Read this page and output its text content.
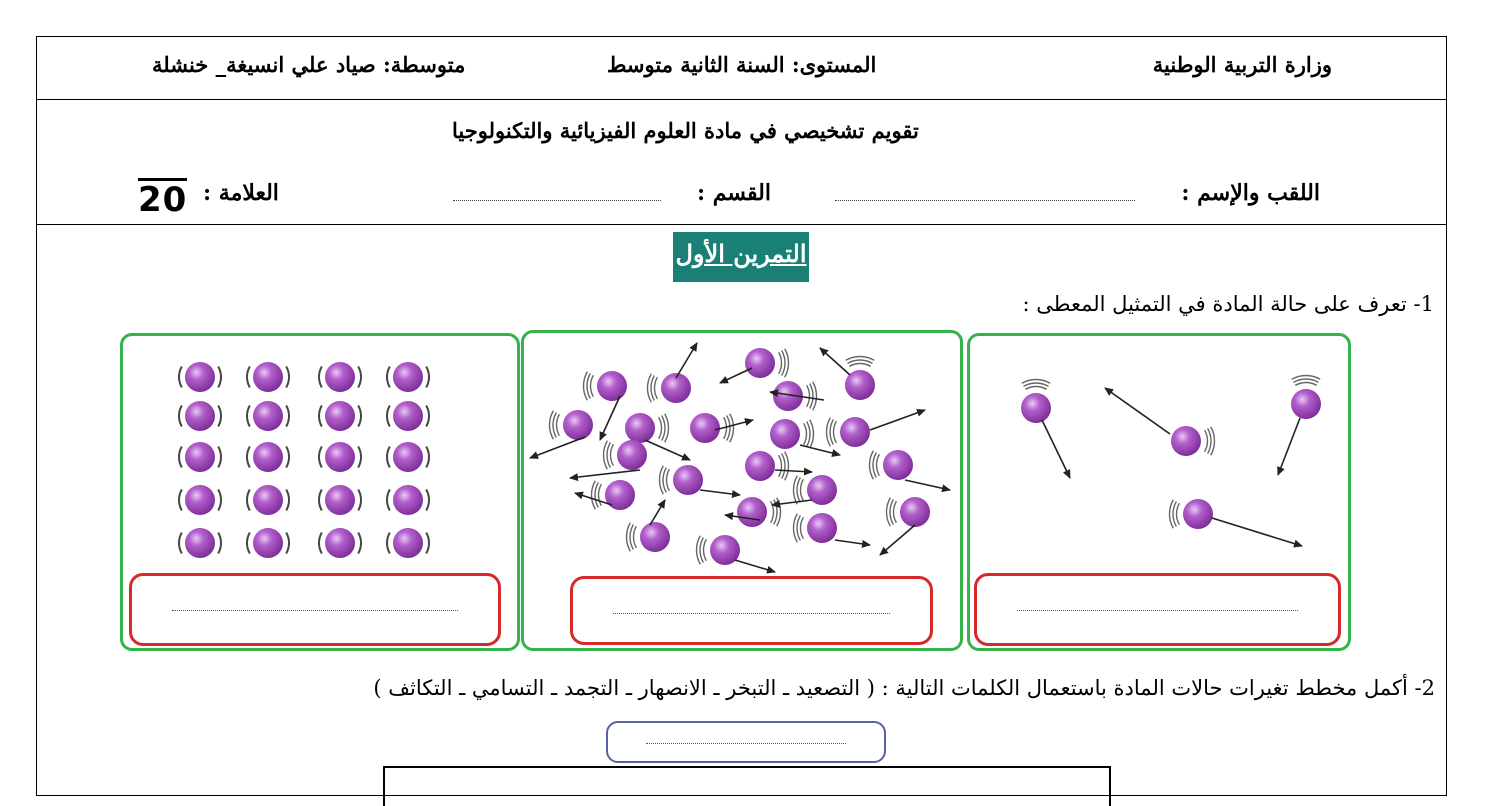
وزارة التربية الوطنية
المستوى: السنة الثانية متوسط
متوسطة: صياد علي انسيغة_ خنشلة
تقويم تشخيصي في مادة العلوم الفيزيائية والتكنولوجيا
اللقب والإسم :
القسم :
العلامة :
20
التمرين الأول
1- تعرف على حالة المادة في التمثيل المعطى :
2- أكمل مخطط تغيرات حالات المادة باستعمال الكلمات التالية : ( التصعيد ـ التبخر ـ الانصهار ـ التجمد ـ التسامي ـ التكاثف )
